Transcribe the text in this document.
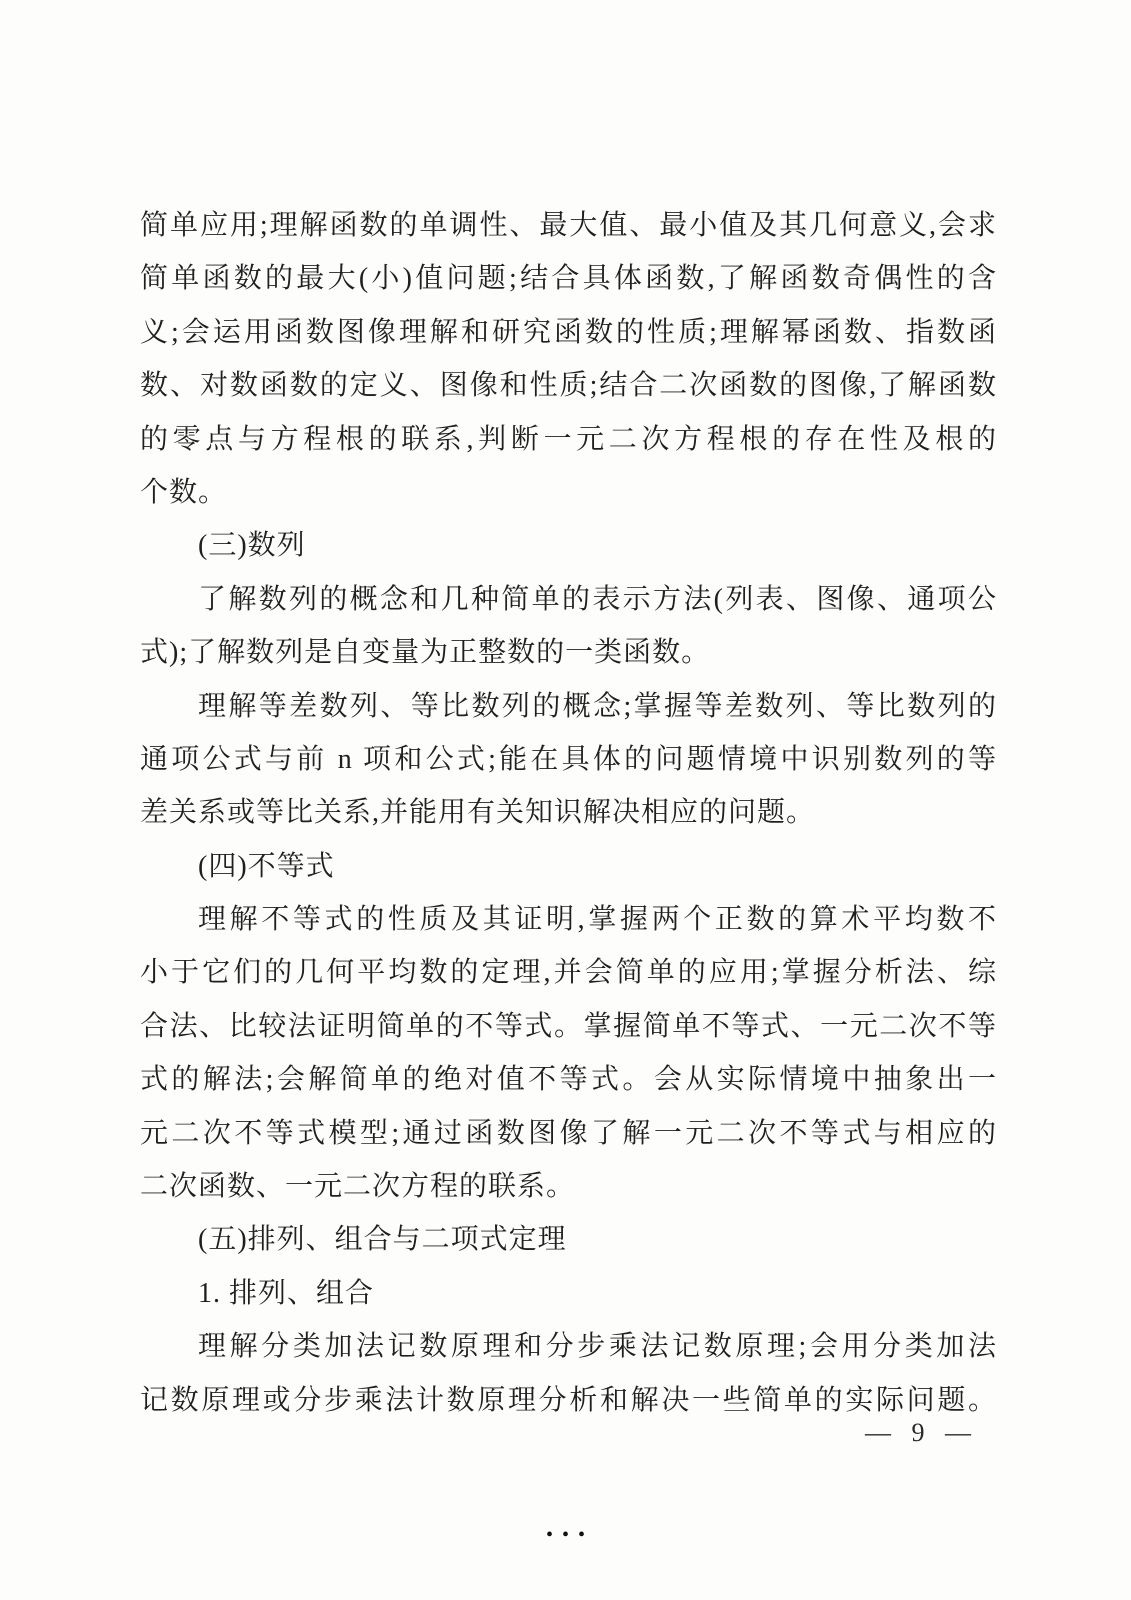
简单应用;理解函数的单调性、最大值、最小值及其几何意义,会求
简单函数的最大(小)值问题;结合具体函数,了解函数奇偶性的含
义;会运用函数图像理解和研究函数的性质;理解幂函数、指数函
数、对数函数的定义、图像和性质;结合二次函数的图像,了解函数
的零点与方程根的联系,判断一元二次方程根的存在性及根的
个数。
(三)数列
了解数列的概念和几种简单的表示方法(列表、图像、通项公
式);了解数列是自变量为正整数的一类函数。
理解等差数列、等比数列的概念;掌握等差数列、等比数列的
通项公式与前 n 项和公式;能在具体的问题情境中识别数列的等
差关系或等比关系,并能用有关知识解决相应的问题。
(四)不等式
理解不等式的性质及其证明,掌握两个正数的算术平均数不
小于它们的几何平均数的定理,并会简单的应用;掌握分析法、综
合法、比较法证明简单的不等式。掌握简单不等式、一元二次不等
式的解法;会解简单的绝对值不等式。会从实际情境中抽象出一
元二次不等式模型;通过函数图像了解一元二次不等式与相应的
二次函数、一元二次方程的联系。
(五)排列、组合与二项式定理
1. 排列、组合
理解分类加法记数原理和分步乘法记数原理;会用分类加法
记数原理或分步乘法计数原理分析和解决一些简单的实际问题。
— 9 —
•••
